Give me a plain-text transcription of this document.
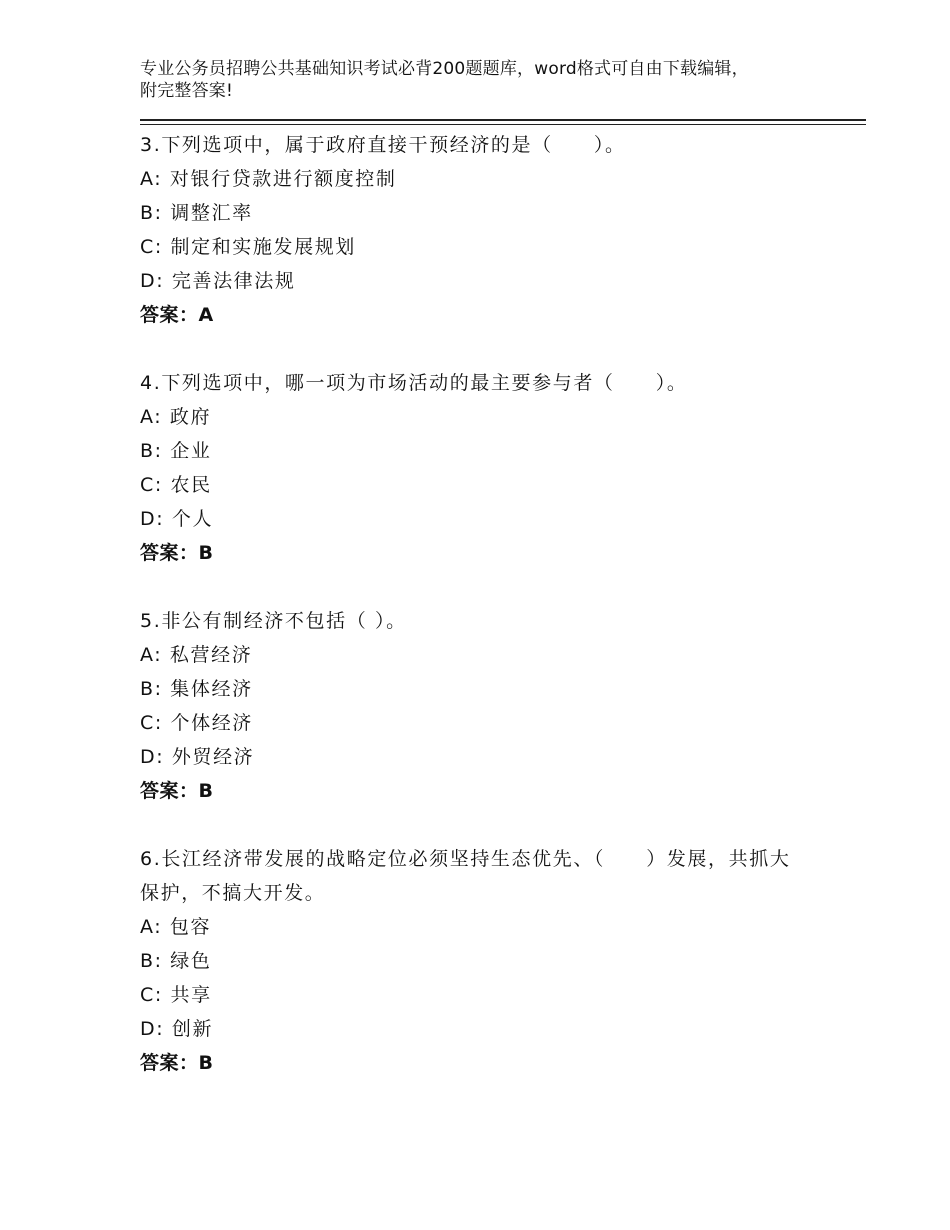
专业公务员招聘公共基础知识考试必背200题题库，word格式可自由下载编辑，
附完整答案!
3.下列选项中，属于政府直接干预经济的是（　　）。
A: 对银行贷款进行额度控制
B: 调整汇率
C: 制定和实施发展规划
D: 完善法律法规
答案：A
4.下列选项中，哪一项为市场活动的最主要参与者（　　）。
A: 政府
B: 企业
C: 农民
D: 个人
答案：B
5.非公有制经济不包括（ ）。
A: 私营经济
B: 集体经济
C: 个体经济
D: 外贸经济
答案：B
6.长江经济带发展的战略定位必须坚持生态优先、（　　）发展，共抓大保护，不搞大开发。
A: 包容
B: 绿色
C: 共享
D: 创新
答案：B
